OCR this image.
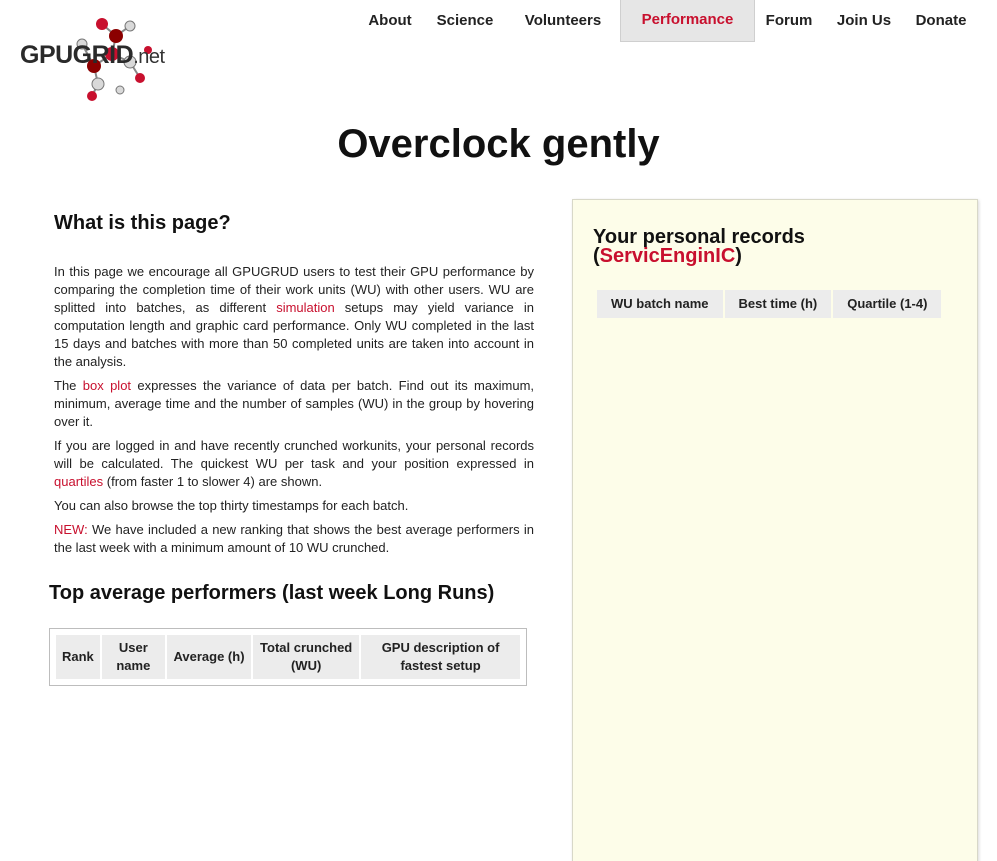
GPUGRID.net
About Science Volunteers	Performance	Forum Join Us Donate
Overclock gently
What is this page?

In this page we encourage all GPUGRUD users to test their GPU performance by comparing the completion time of their work units (WU) with other users. WU are splitted into batches, as different simulation setups may yield variance in computation length and graphic card performance. Only WU completed in the last 15 days and batches with more than 50 completed units are taken into account in the analysis.

The box plot expresses the variance of data per batch. Find out its maximum, minimum, average time and the number of samples (WU) in the group by hovering over it.

If you are logged in and have recently crunched workunits, your personal records will be calculated. The quickest WU per task and your position expressed in quartiles (from faster 1 to slower 4) are shown.

You can also browse the top thirty timestamps for each batch.

NEW: We have included a new ranking that shows the best average performers in the last week with a minimum amount of 10 WU crunched.

Top average performers (last week Long Runs)
Rank	User name	Average (h)	Total crunched (WU)	GPU description of fastest setup
Your personal records (ServicEnginIC)
WU batch name	Best time (h)	Quartile (1-4)
